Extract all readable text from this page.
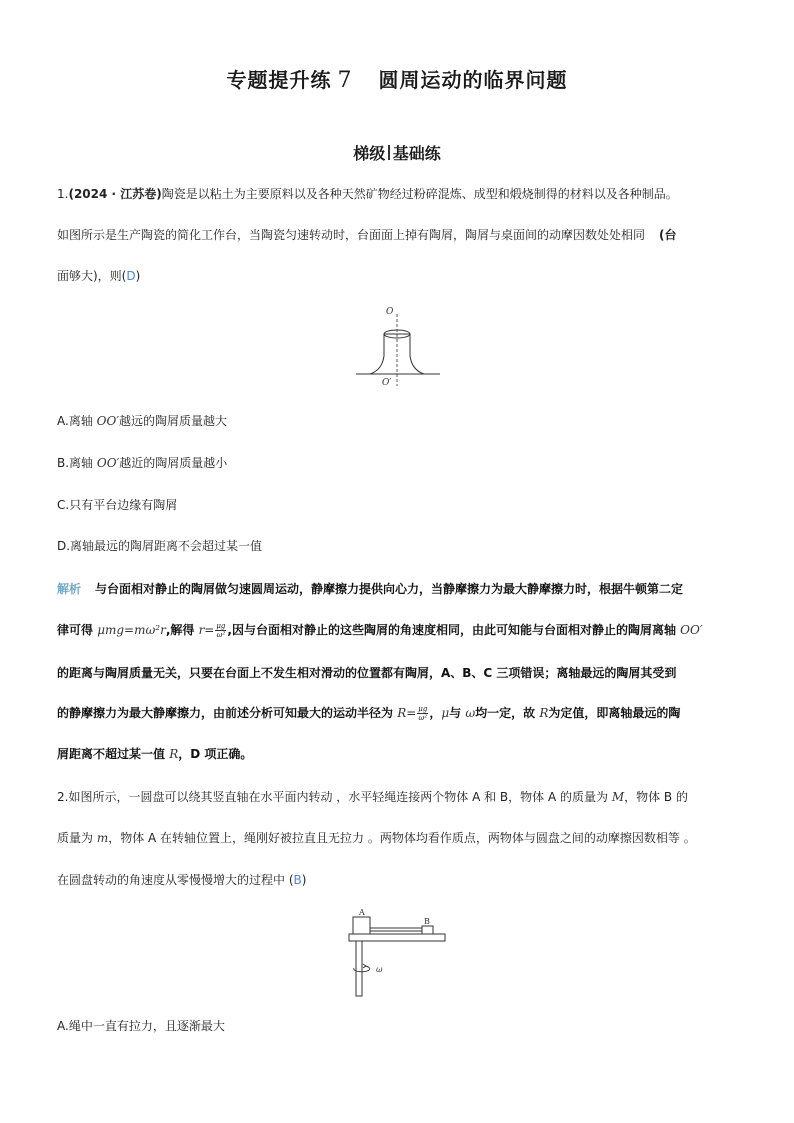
专题提升练 7 圆周运动的临界问题
梯级 基础练
1.(2024 · 江苏卷)陶瓷是以粘土为主要原料以及各种天然矿物经过粉碎混炼、成型和煅烧制得的材料以及各种制品。
如图所示是生产陶瓷的简化工作台，当陶瓷匀速转动时，台面面上掉有陶屑，陶屑与桌面间的动摩因数处处相同 (台
面够大)，则(D)
O
O′
A.离轴 OO′越远的陶屑质量越大
B.离轴 OO′越近的陶屑质量越小
C.只有平台边缘有陶屑
D.离轴最远的陶屑距离不会超过某一值
解析 与台面相对静止的陶屑做匀速圆周运动，静摩擦力提供向心力，当静摩擦力为最大静摩擦力时，根据牛顿第二定
律可得 μmg=mω²r,解得 $r= \frac{\mu g}{\text{ω²}}$ ,因与台面相对静止的这些陶屑的角速度相同，由此可知能与台面相对静止的陶屑离轴 OO′
的距离与陶屑质量无关，只要在台面上不发生相对滑动的位置都有陶屑，A、B、C 三项错误；离轴最远的陶屑其受到
的静摩擦力为最大静摩擦力，由前述分析可知最大的运动半径为 $R= \frac{\mu g}{\text{ω²}}$ ，μ与 ω均一定，故 R为定值，即离轴最远的陶
屑距离不超过某一值 R，D 项正确。
2.如图所示，一圆盘可以绕其竖直轴在水平面内转动 ，水平轻绳连接两个物体 A 和 B，物体 A 的质量为 M，物体 B 的
质量为 m，物体 A 在转轴位置上，绳刚好被拉直且无拉力 。两物体均看作质点，两物体与圆盘之间的动摩擦因数相等 。
在圆盘转动的角速度从零慢慢增大的过程中 (B)
A
B
ω
A.绳中一直有拉力，且逐渐最大
